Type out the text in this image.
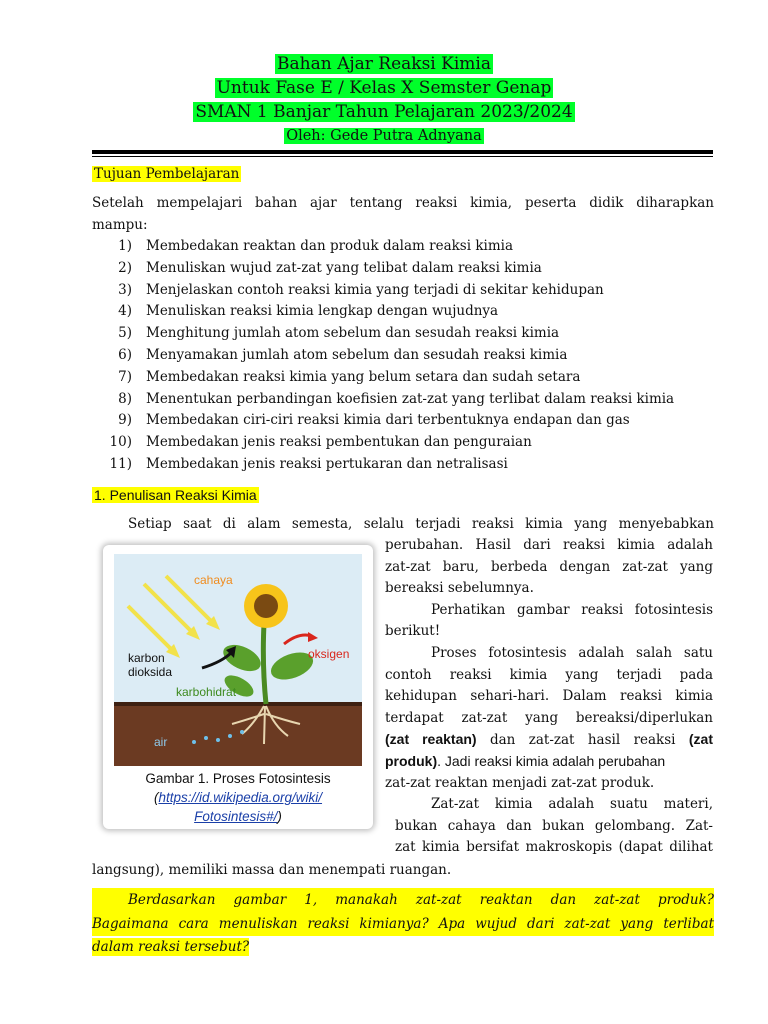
Bahan Ajar Reaksi Kimia
Untuk Fase E / Kelas X Semster Genap
SMAN 1 Banjar Tahun Pelajaran 2023/2024
Oleh: Gede Putra Adnyana
Tujuan Pembelajaran
Setelah mempelajari bahan ajar tentang reaksi kimia, peserta didik diharapkan
mampu:
1) Membedakan reaktan dan produk dalam reaksi kimia
2) Menuliskan wujud zat-zat yang telibat dalam reaksi kimia
3) Menjelaskan contoh reaksi kimia yang terjadi di sekitar kehidupan
4) Menuliskan reaksi kimia lengkap dengan wujudnya
5) Menghitung jumlah atom sebelum dan sesudah reaksi kimia
6) Menyamakan jumlah atom sebelum dan sesudah reaksi kimia
7) Membedakan reaksi kimia yang belum setara dan sudah setara
8) Menentukan perbandingan koefisien zat-zat yang terlibat dalam reaksi kimia
9) Membedakan ciri-ciri reaksi kimia dari terbentuknya endapan dan gas
10) Membedakan jenis reaksi pembentukan dan penguraian
11) Membedakan jenis reaksi pertukaran dan netralisasi
1. Penulisan Reaksi Kimia
Setiap saat di alam semesta, selalu terjadi reaksi kimia yang menyebabkan
perubahan. Hasil dari reaksi kimia adalah
zat-zat baru, berbeda dengan zat-zat yang
bereaksi sebelumnya.
Perhatikan gambar reaksi fotosintesis
berikut!
Proses fotosintesis adalah salah satu
contoh reaksi kimia yang terjadi pada
kehidupan sehari-hari. Dalam reaksi kimia
terdapat zat-zat yang bereaksi/diperlukan
(zat reaktan) dan zat-zat hasil reaksi (zat
produk). Jadi reaksi kimia adalah perubahan
zat-zat reaktan menjadi zat-zat produk.
Zat-zat kimia adalah suatu materi,
bukan cahaya dan bukan gelombang. Zat-
zat kimia bersifat makroskopis (dapat dilihat
langsung), memiliki massa dan menempati ruangan.
cahaya
oksigen
karbon
dioksida
karbohidrat
air
Gambar 1. Proses Fotosintesis
(https://id.wikipedia.org/wiki/
Fotosintesis#/)
Berdasarkan gambar 1, manakah zat-zat reaktan dan zat-zat produk?
Bagaimana cara menuliskan reaksi kimianya? Apa wujud dari zat-zat yang terlibat
dalam reaksi tersebut?
